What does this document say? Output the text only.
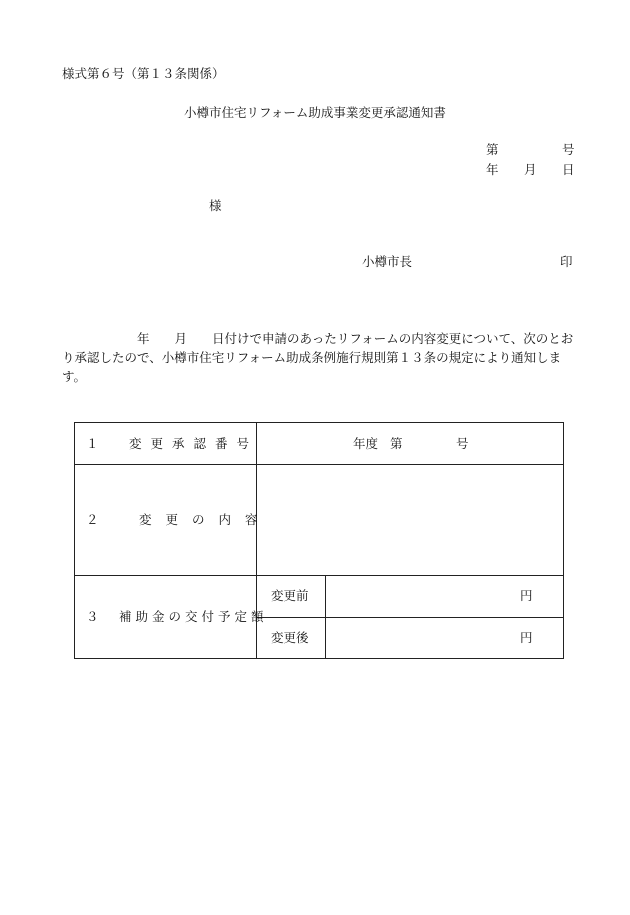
様式第６号（第１３条関係）
小樽市住宅リフォーム助成事業変更承認通知書
第	号
年 月 日
様
小樽市長	印
　　　　　　年　　月　　日付けで申請のあったリフォームの内容変更について、次のとおり承認したので、小樽市住宅リフォーム助成条例施行規則第１３条の規定により通知します。
１　変更承認番号	年度 第	号
２　変更の内容
３　補助金の交付予定額
変更前	円
変更後	円
